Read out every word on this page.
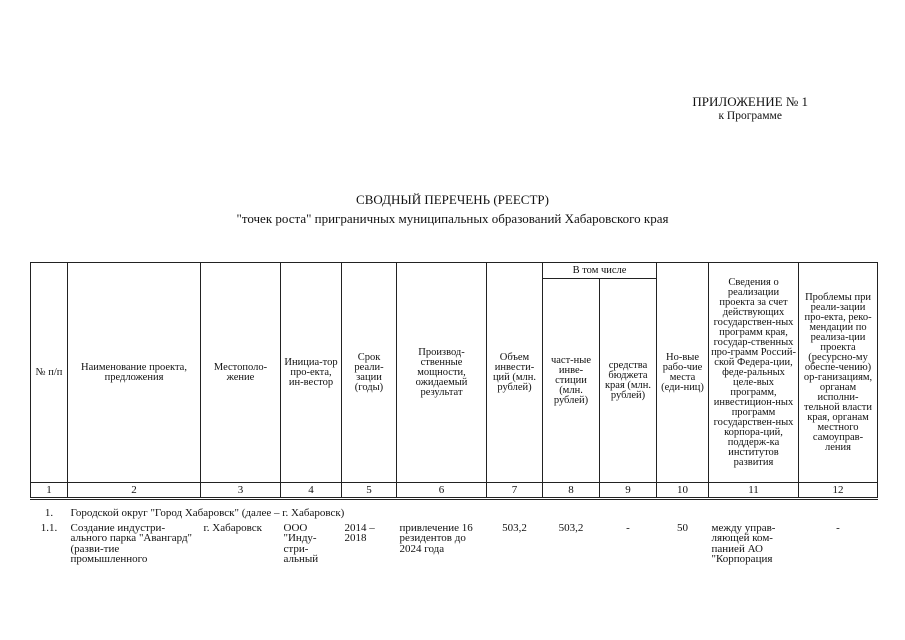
ПРИЛОЖЕНИЕ № 1
к Программе
СВОДНЫЙ ПЕРЕЧЕНЬ (РЕЕСТР)
"точек роста" приграничных муниципальных образований Хабаровского края
№ п/п	Наименование проекта, предложения	Местополо-жение	Инициа-тор про-екта, ин-вестор	Срок реали-зации (годы)	Производ-ственные мощности, ожидаемый результат	Объем инвести-ций (млн. рублей)	В том числе		Но-вые рабо-чие места (еди-ниц)	Сведения о реализации проекта за счет действующих государствен-ных программ края, государ-ственных про-грамм Россий-ской Федера-ции, феде-ральных целе-вых программ, инвестицион-ных программ государствен-ных корпора-ций, поддерж-ка институтов развития	Проблемы при реали-зации про-екта, реко-мендации по реализа-ции проекта (ресурсно-му обеспе-чению) ор-ганизациям, органам исполни-тельной власти края, органам местного самоуправ-ления
							част-ные инве-стиции (млн. рублей)	средства бюджета края (млн. рублей)			
1	2	3	4	5	6	7	8	9	10	11	12
1.	Городской округ "Город Хабаровск" (далее – г. Хабаровск)										
1.1.	Создание индустри-ального парка "Авангард" (разви-тие промышленного	г. Хабаровск	ООО "Инду-стри-альный	2014 – 2018	привлечение 16 резидентов до 2024 года	503,2	503,2	-	50	между управ-ляющей ком-панией АО "Корпорация	-
